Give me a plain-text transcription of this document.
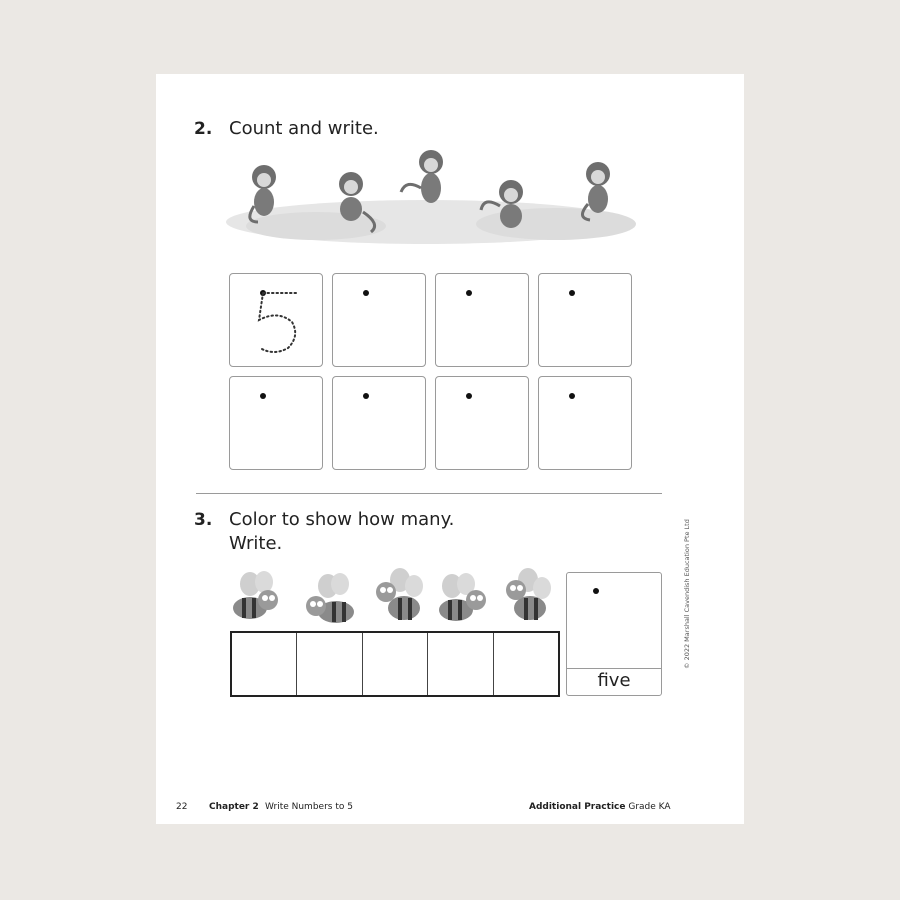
2. Count and write.
3. Color to show how many.
Write.
five
© 2022 Marshall Cavendish Education Pte Ltd
22 Chapter 2 Write Numbers to 5	Additional Practice Grade KA
